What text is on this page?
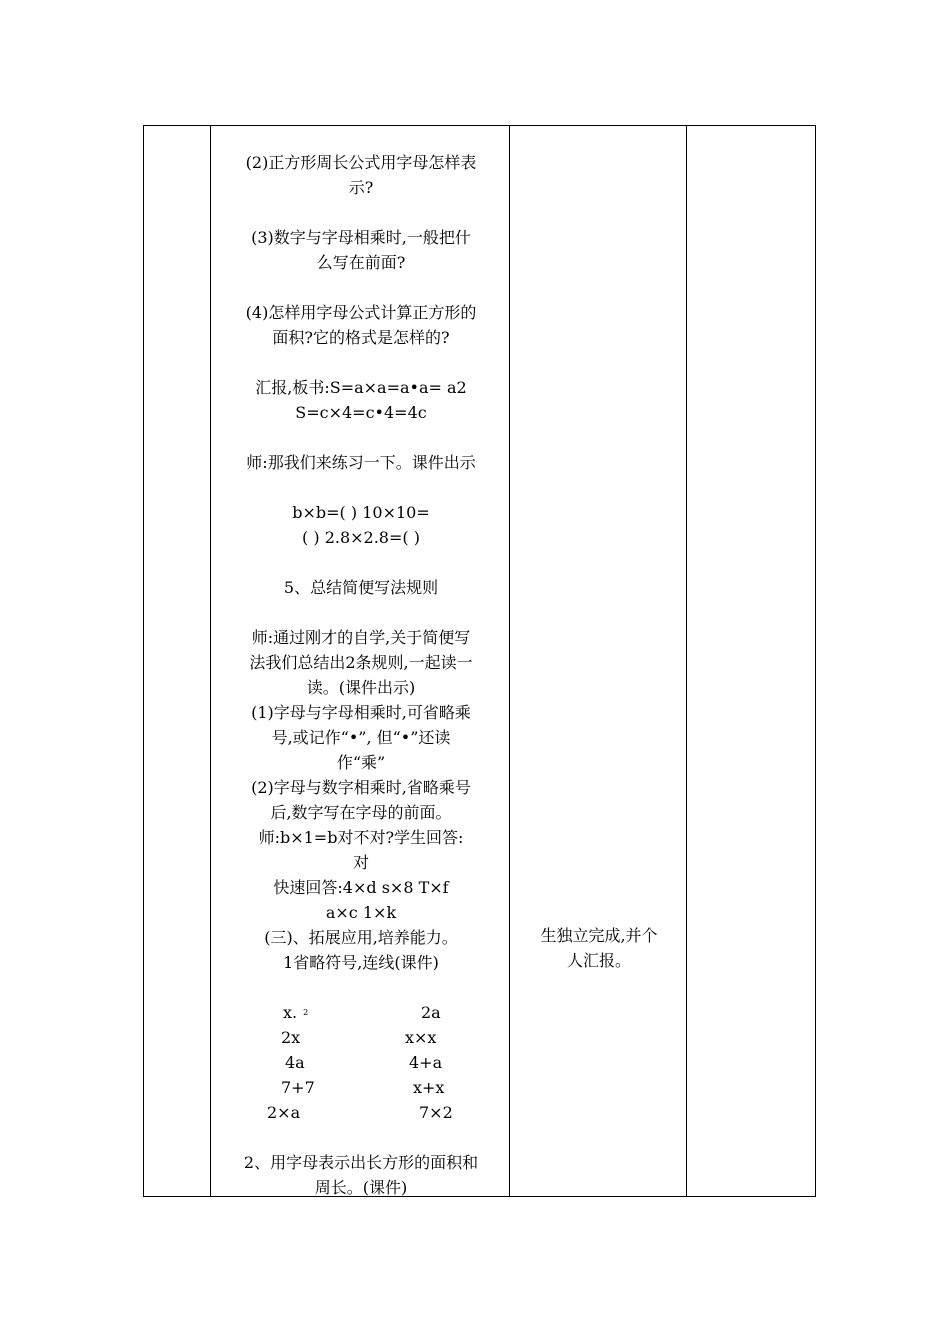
(2)正方形周长公式用字母怎样表
示?
(3)数字与字母相乘时,一般把什
么写在前面?
(4)怎样用字母公式计算正方形的
面积?它的格式是怎样的?
汇报,板书:S=a×a=a•a= a2
S=c×4=c•4=4c
师:那我们来练习一下。课件出示
b×b=( ) 10×10=
( ) 2.8×2.8=( )
5、总结简便写法规则
师:通过刚才的自学,关于简便写
法我们总结出2条规则,一起读一
读。(课件出示)
(1)字母与字母相乘时,可省略乘
号,或记作“•”, 但“•”还读
作“乘”
(2)字母与数字相乘时,省略乘号
后,数字写在字母的前面。
师:b×1=b对不对?学生回答:
对
快速回答:4×d s×8 T×f
a×c 1×k
(三)、拓展应用,培养能力。
1省略符号,连线(课件)
x. $^2$	2a
2x	x×x
4a	4+a
7+7	x+x
2×a	7×2
2、用字母表示出长方形的面积和
周长。(课件)
生独立完成,并个
人汇报。
